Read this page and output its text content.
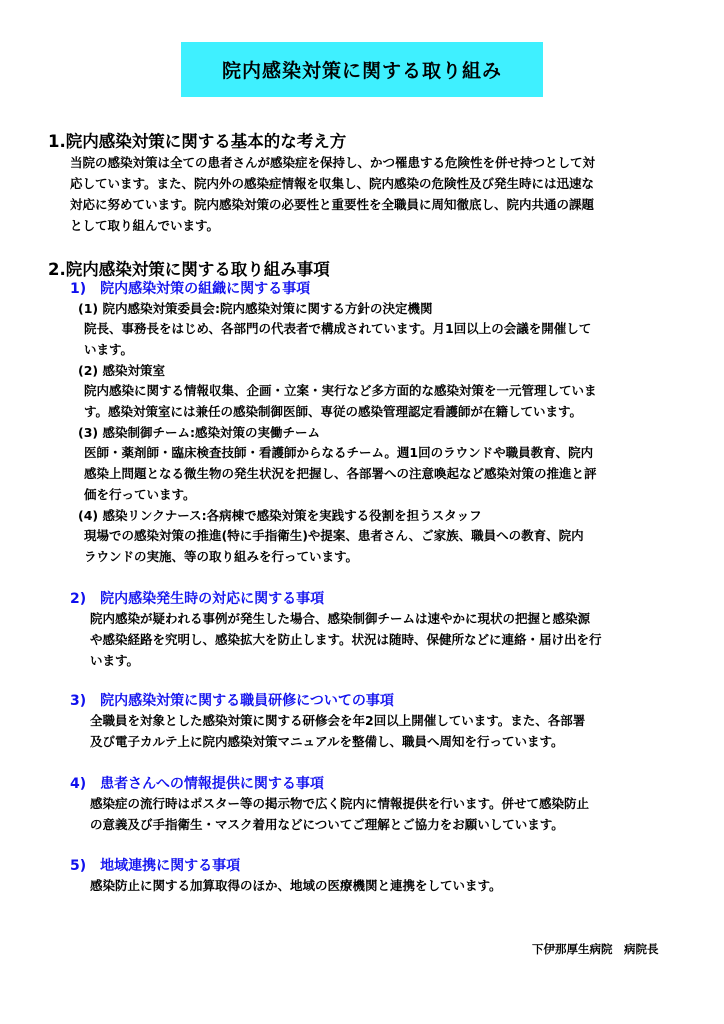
院内感染対策に関する取り組み
1.院内感染対策に関する基本的な考え方
当院の感染対策は全ての患者さんが感染症を保持し、かつ罹患する危険性を併せ持つとして対
応しています。また、院内外の感染症情報を収集し、院内感染の危険性及び発生時には迅速な
対応に努めています。院内感染対策の必要性と重要性を全職員に周知徹底し、院内共通の課題
として取り組んでいます。
2.院内感染対策に関する取り組み事項
1)　院内感染対策の組織に関する事項
(1) 院内感染対策委員会:院内感染対策に関する方針の決定機関
院長、事務長をはじめ、各部門の代表者で構成されています。月1回以上の会議を開催して
います。
(2) 感染対策室
院内感染に関する情報収集、企画・立案・実行など多方面的な感染対策を一元管理していま
す。感染対策室には兼任の感染制御医師、専従の感染管理認定看護師が在籍しています。
(3) 感染制御チーム:感染対策の実働チーム
医師・薬剤師・臨床検査技師・看護師からなるチーム。週1回のラウンドや職員教育、院内
感染上問題となる微生物の発生状況を把握し、各部署への注意喚起など感染対策の推進と評
価を行っています。
(4) 感染リンクナース:各病棟で感染対策を実践する役割を担うスタッフ
現場での感染対策の推進(特に手指衛生)や提案、患者さん、ご家族、職員への教育、院内
ラウンドの実施、等の取り組みを行っています。
2)　院内感染発生時の対応に関する事項
院内感染が疑われる事例が発生した場合、感染制御チームは速やかに現状の把握と感染源
や感染経路を究明し、感染拡大を防止します。状況は随時、保健所などに連絡・届け出を行
います。
3)　院内感染対策に関する職員研修についての事項
全職員を対象とした感染対策に関する研修会を年2回以上開催しています。また、各部署
及び電子カルテ上に院内感染対策マニュアルを整備し、職員へ周知を行っています。
4)　患者さんへの情報提供に関する事項
感染症の流行時はポスター等の掲示物で広く院内に情報提供を行います。併せて感染防止
の意義及び手指衛生・マスク着用などについてご理解とご協力をお願いしています。
5)　地域連携に関する事項
感染防止に関する加算取得のほか、地域の医療機関と連携をしています。
下伊那厚生病院　病院長
